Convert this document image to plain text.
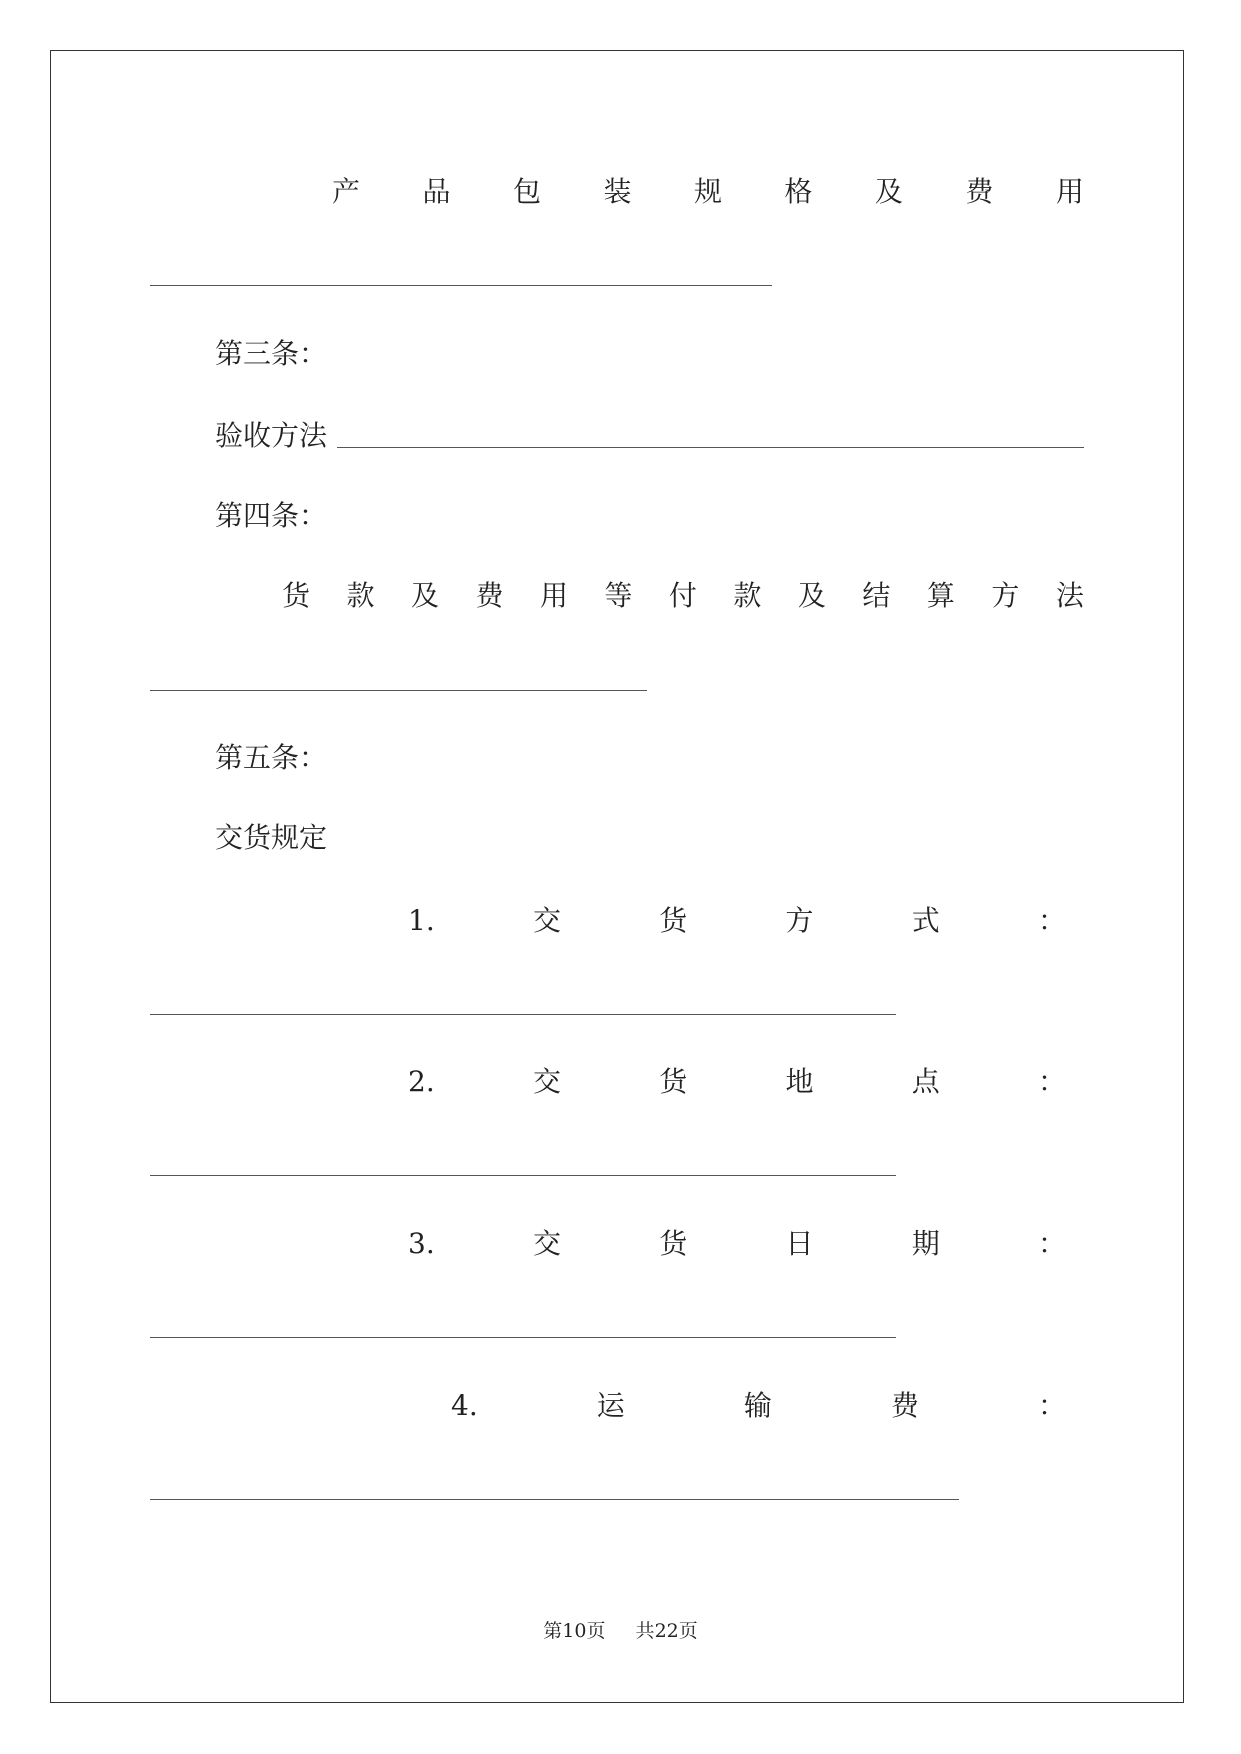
产 品 包 装 规 格 及 费 用
第三条：
验收方法
第四条：
货 款 及 费 用 等 付 款 及 结 算 方 法
第五条：
交货规定
1.	交	货	方	式	：
2.	交	货	地	点	：
3.	交	货	日	期	：
4.	运	输	费	：
第10页 共22页
